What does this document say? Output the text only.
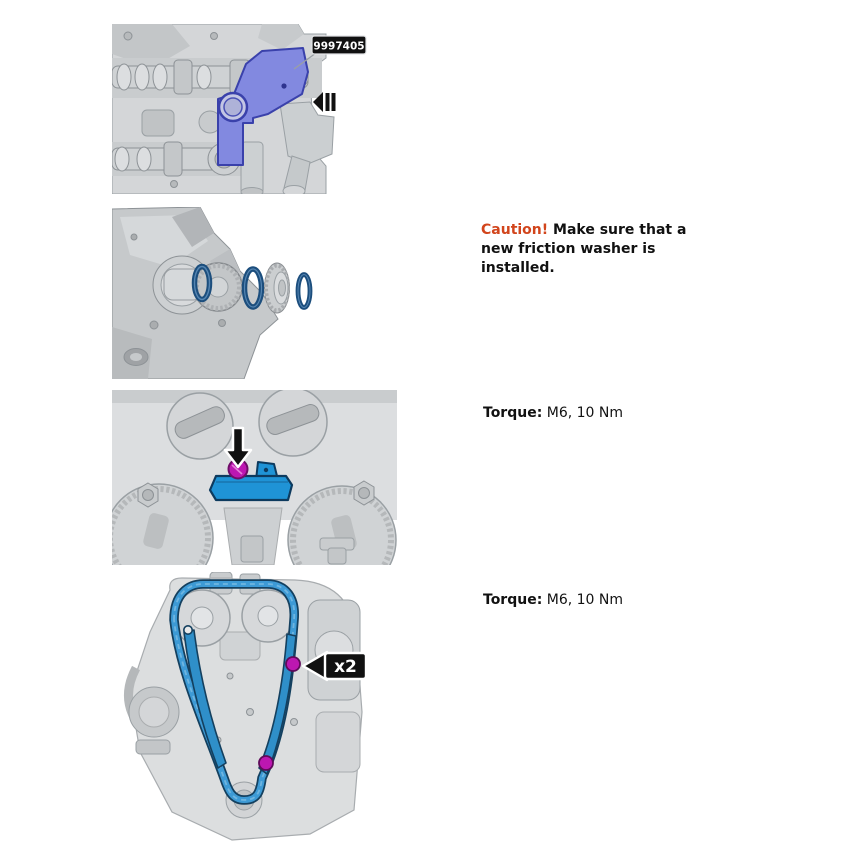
9997405
x2
Caution! Make sure that a new friction washer is installed.
Torque: M6, 10 Nm
Torque: M6, 10 Nm
